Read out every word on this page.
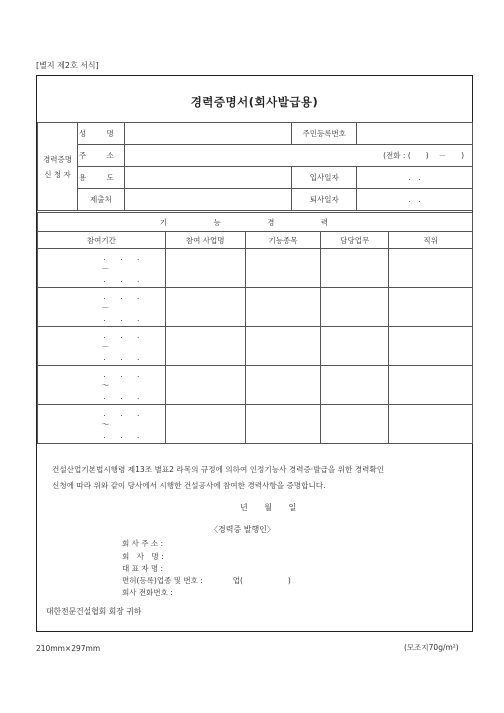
[별지 제2호 서식]
경력증명서(회사발급용)
경력증명
신 청 자	성 명		주민등록번호	
	주 소	(전화 : (　　)　 －　　)		
	용 도		입사일자	.　.
	제출처		퇴사일자	.　.
기 능 경 력				
참여기간	참여 사업명	기능종목	담당업무	직위

. . .
－
. . .				

. . .
－
. . .				

. . .
－
. . .				

. . .
～
. . .				

. . .
～
. . .				

건설산업기본법시행령 제13조 별표2 라목의 규정에 의하여 인정기능사 경력증·발급을 위한 경력확인
신청에 따라 위와 같이 당사에서 시행한 건설공사에 참여한 경력사항을 증명합니다.
년 월 일
〈경력증 발행인〉
회 사 주 소 :
회　사　명 :
대 표 자 명 :
면허(등록)업종 및 번호 :　　　　업(　　　　　　)
회사 전화번호 :
대한전문건설협회 회장 귀하
210mm×297mm	(모조지70g/m²)
